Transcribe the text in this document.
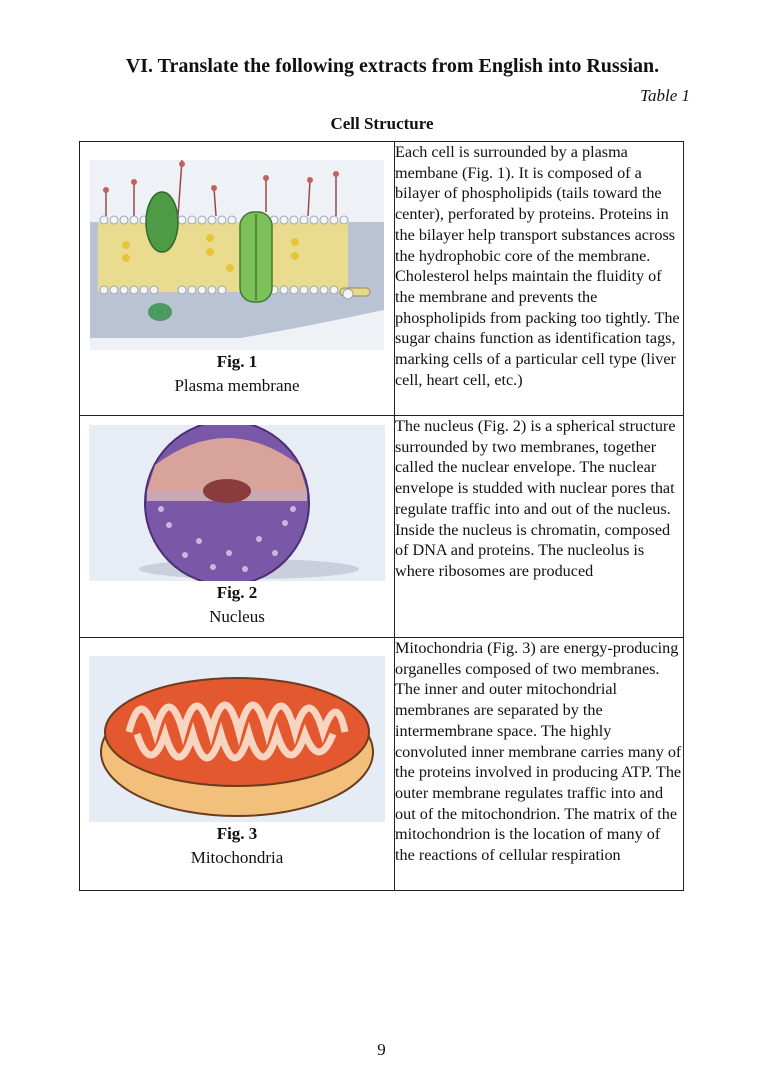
VI. Translate the following extracts from English into Russian.
Table 1
Cell Structure
Fig. 1
Plasma membrane	Each cell is surrounded by a plasma membane (Fig. 1). It is composed of a bilayer of phospholipids (tails toward the center), perforated by proteins. Proteins in the bilayer help transport substances across the hydrophobic core of the membrane. Cholesterol helps maintain the fluidity of the membrane and prevents the phospholipids from packing too tightly. The sugar chains function as identification tags, marking cells of a particular cell type (liver cell, heart cell, etc.)

Fig. 2
Nucleus	The nucleus (Fig. 2) is a spherical structure surrounded by two membranes, together called the nuclear envelope. The nuclear envelope is studded with nuclear pores that regulate traffic into and out of the nucleus. Inside the nucleus is chromatin, composed of DNA and proteins. The nucleolus is where ribosomes are produced

Fig. 3
Mitochondria	Mitochondria (Fig. 3) are energy-producing organelles composed of two membranes. The inner and outer mitochondrial membranes are separated by the intermembrane space. The highly convoluted inner membrane carries many of the proteins involved in producing ATP. The outer membrane regulates traffic into and out of the mitochondrion. The matrix of the mitochondrion is the location of many of the reactions of cellular respiration
9
